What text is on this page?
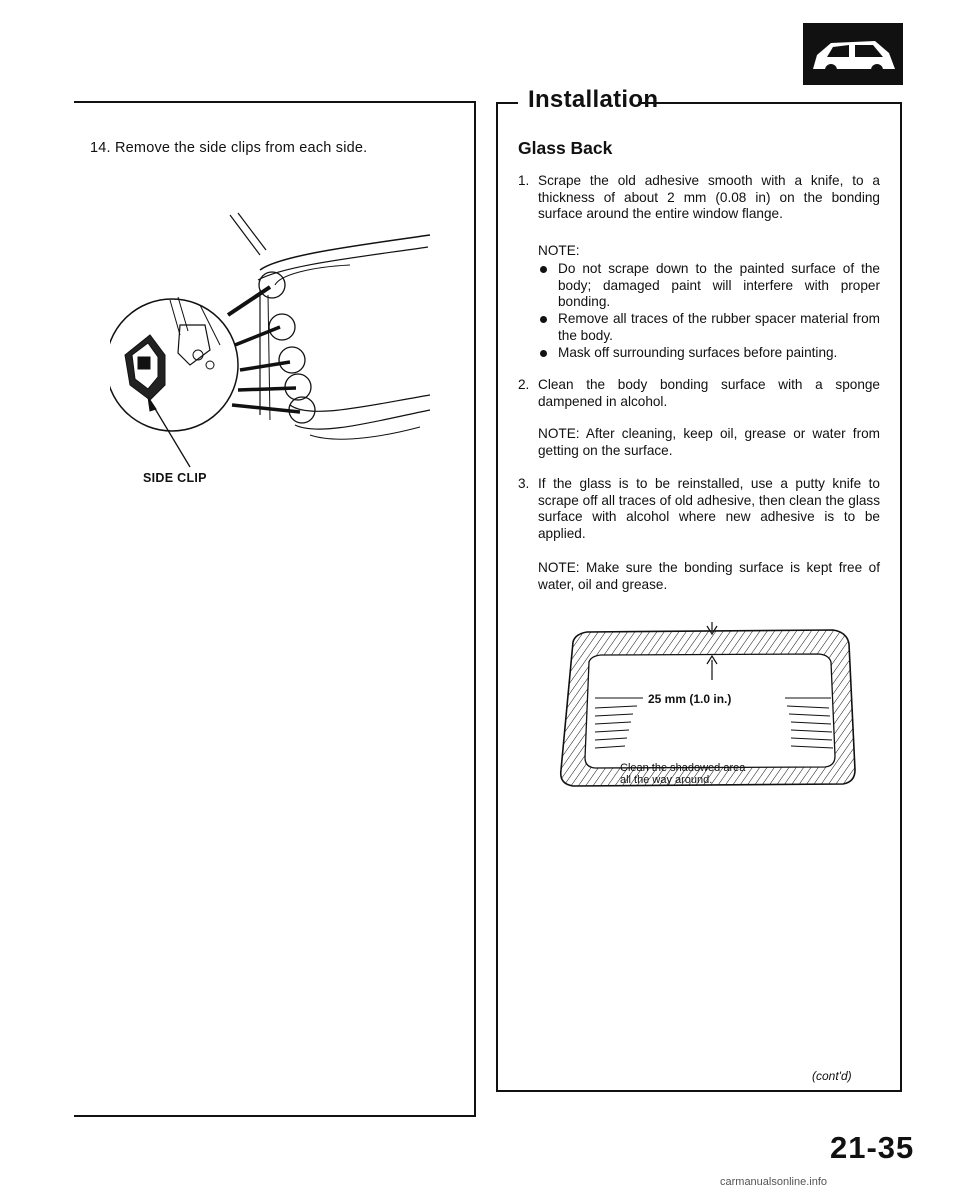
14. Remove the side clips from each side.
SIDE CLIP
Installation
Glass Back
1. Scrape the old adhesive smooth with a knife, to a thickness of about 2 mm (0.08 in) on the bonding surface around the entire window flange.
NOTE:
Do not scrape down to the painted surface of the body; damaged paint will interfere with proper bonding.
Remove all traces of the rubber spacer material from the body.
Mask off surrounding surfaces before painting.
2. Clean the body bonding surface with a sponge dampened in alcohol.
NOTE: After cleaning, keep oil, grease or water from getting on the surface.
3. If the glass is to be reinstalled, use a putty knife to scrape off all traces of old adhesive, then clean the glass surface with alcohol where new adhesive is to be applied.
NOTE: Make sure the bonding surface is kept free of water, oil and grease.
25 mm (1.0 in.)
Clean the shadowed area
all the way around.
(cont'd)
21-35
carmanualsonline.info
